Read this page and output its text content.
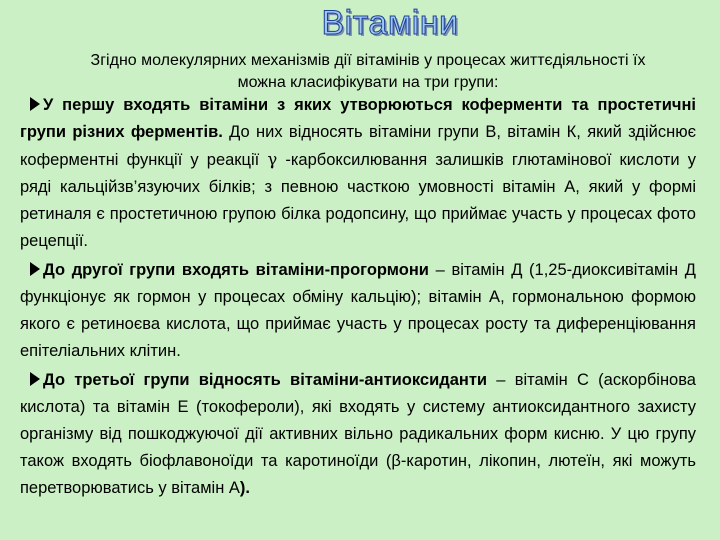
Вітаміни
Згідно молекулярних механізмів дії вітамінів у процесах життєдіяльності їх можна класифікувати на три групи:

У першу входять вітаміни з яких утворюються коферменти та простетичні групи різних ферментів. До них відносять вітаміни групи В, вітамін К, який здійснює коферментні функції у реакції γ -карбоксилювання залишків глютамінової кислоти у ряді кальційзв’язуючих білків; з певною часткою умовності вітамін А, який у формі ретиналя є простетичною групою білка родопсину, що приймає участь у процесах фото рецепції.

До другої групи входять вітаміни-прогормони – вітамін Д (1,25-диоксивітамін Д функціонує як гормон у процесах обміну кальцію); вітамін А, гормональною формою якого є ретиноєва кислота, що приймає участь у процесах росту та диференціювання епітеліальних клітин.

До третьої групи відносять вітаміни-антиоксиданти – вітамін С (аскорбінова кислота) та вітамін Е (токофероли), які входять у систему антиоксидантного захисту організму від пошкоджуючої дії активних вільно радикальних форм кисню. У цю групу також входять біофлавоноїди та каротиноїди (β-каротин, лікопин, лютеїн, які можуть перетворюватись у вітамін А).
